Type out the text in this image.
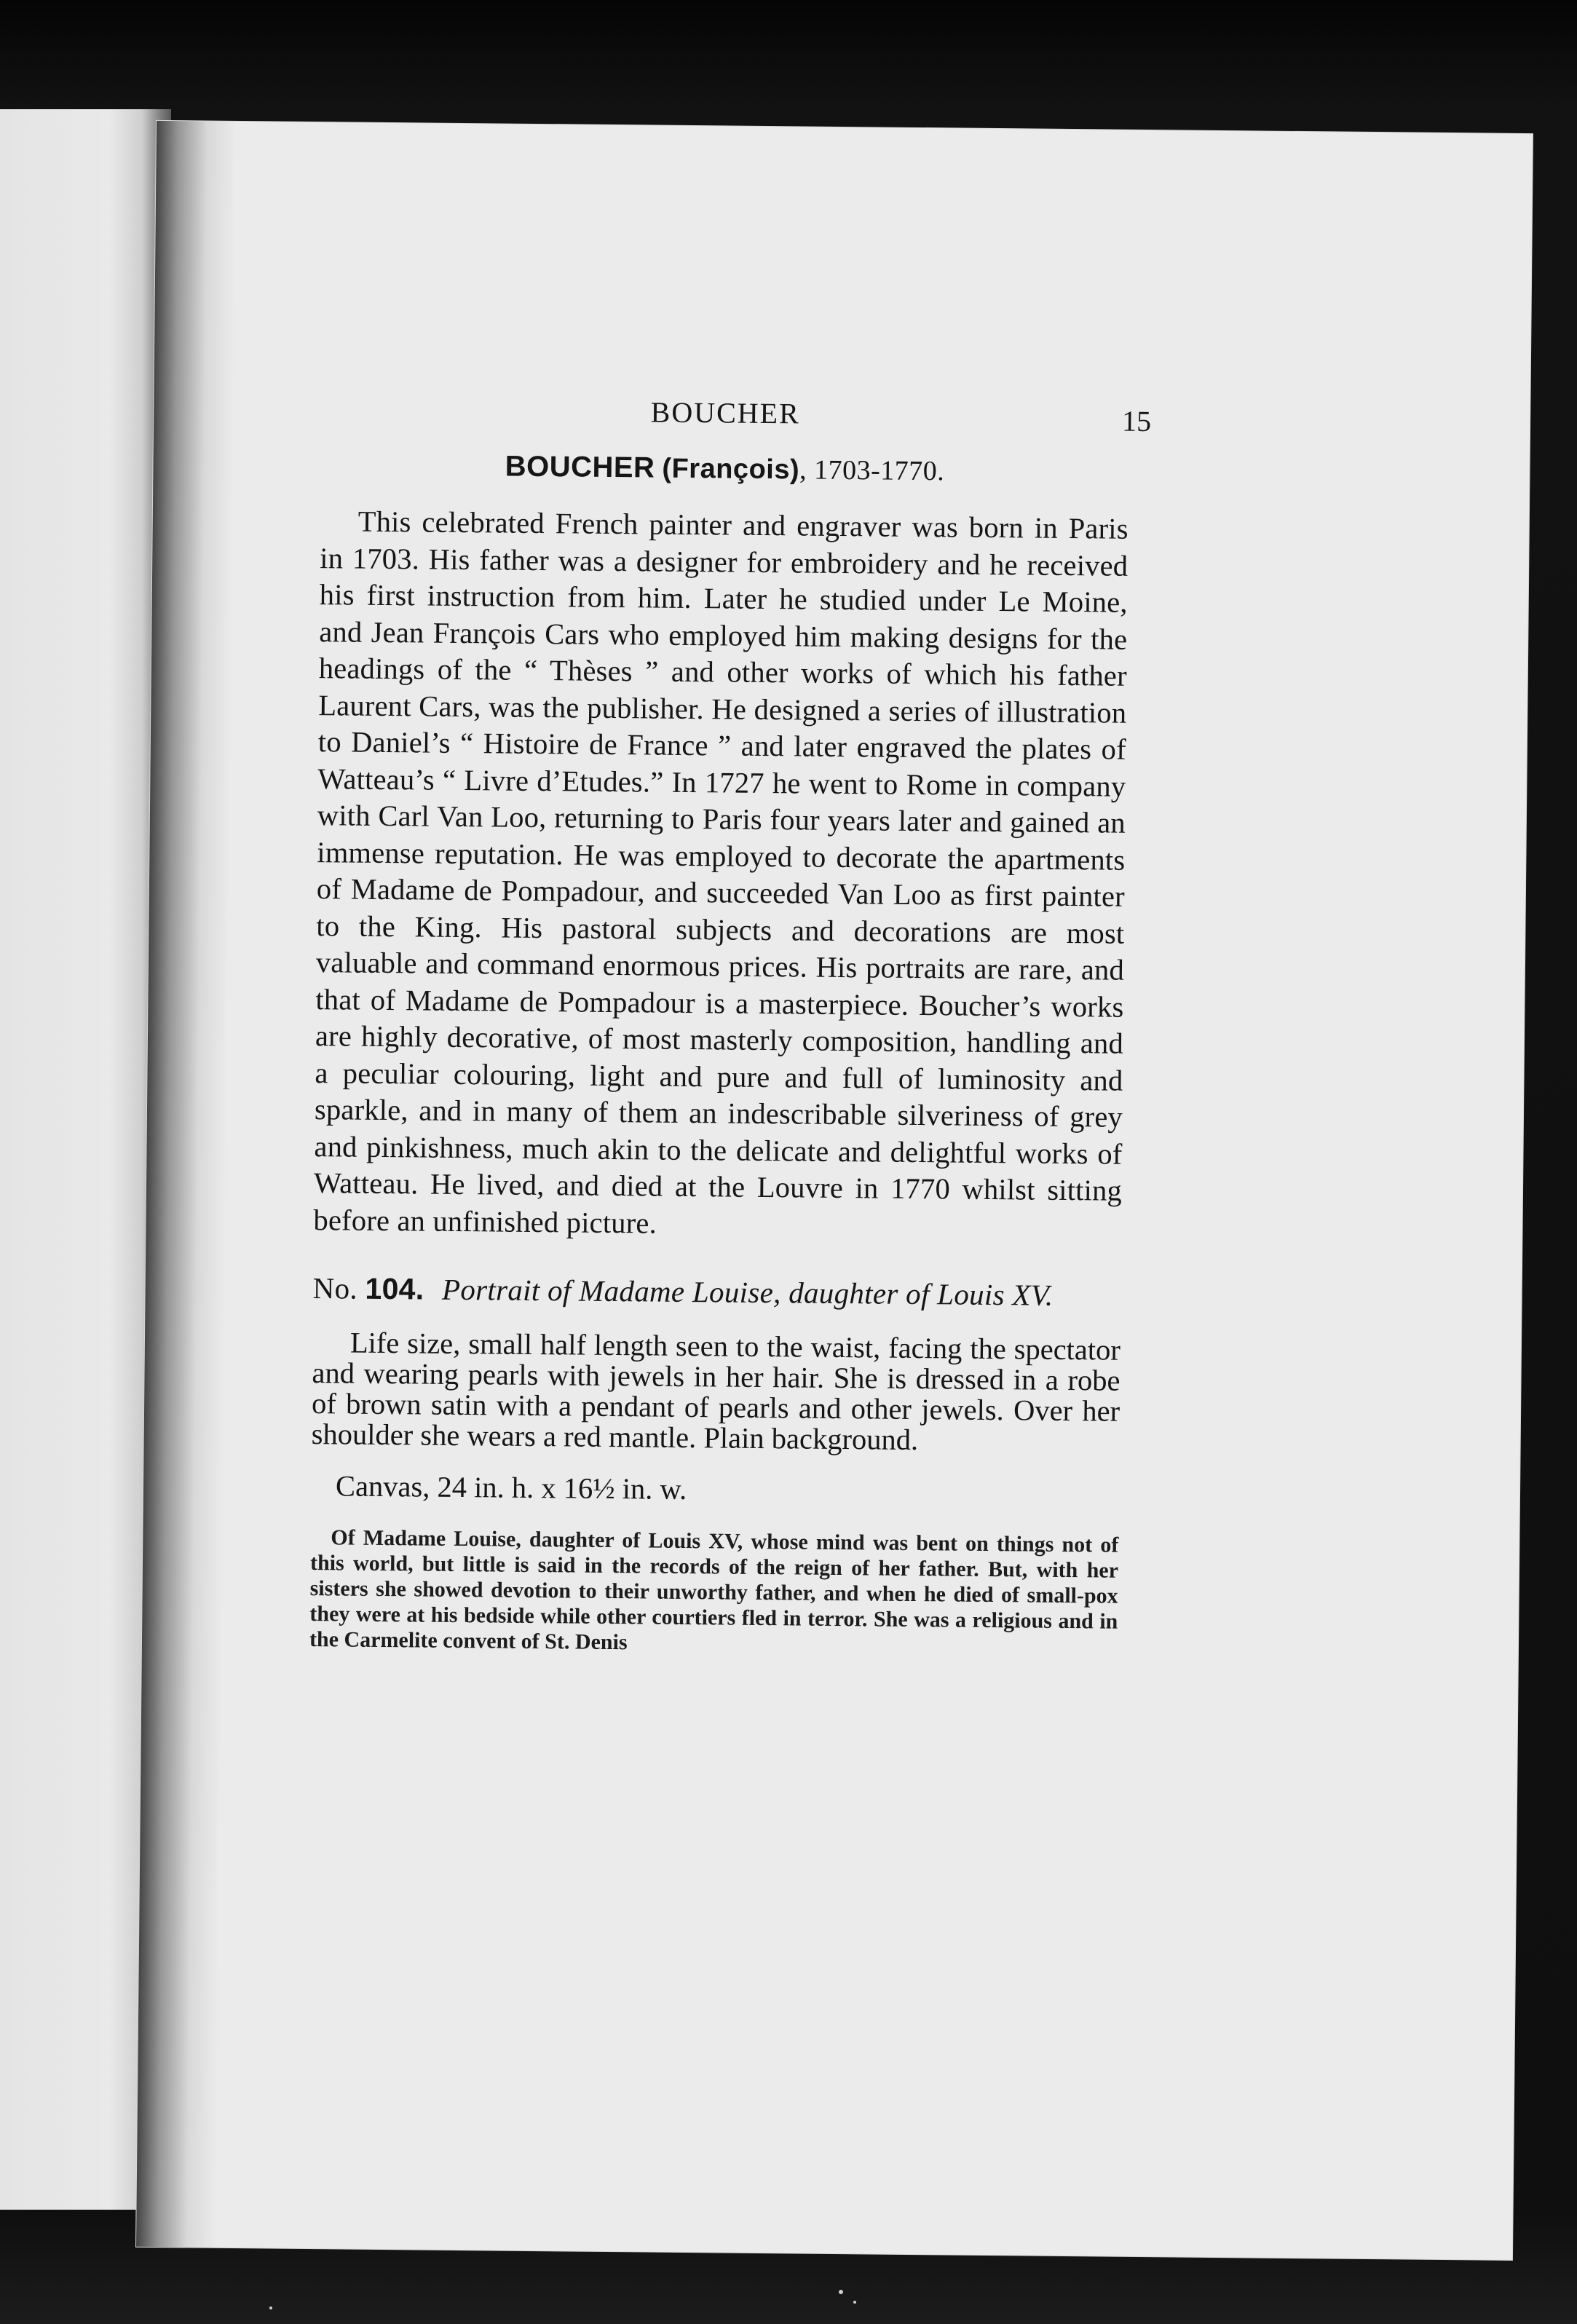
BOUCHER	15
BOUCHER (François), 1703-1770.

This celebrated French painter and engraver was born in Paris in 1703. His father was a designer for embroidery and he received his first instruction from him. Later he studied under Le Moine, and Jean François Cars who employed him making designs for the headings of the “ Thèses ” and other works of which his father Laurent Cars, was the publisher. He designed a series of illustration to Daniel’s “ Histoire de France ” and later engraved the plates of Watteau’s “ Livre d’Etudes.” In 1727 he went to Rome in company with Carl Van Loo, returning to Paris four years later and gained an immense reputation. He was employed to decorate the apartments of Madame de Pompadour, and succeeded Van Loo as first painter to the King. His pastoral subjects and decorations are most valuable and command enormous prices. His portraits are rare, and that of Madame de Pompadour is a masterpiece. Boucher’s works are highly decorative, of most masterly composition, handling and a peculiar colouring, light and pure and full of luminosity and sparkle, and in many of them an indescribable silveriness of grey and pinkishness, much akin to the delicate and delightful works of Watteau. He lived, and died at the Louvre in 1770 whilst sitting before an unfinished picture.

No. 104. Portrait of Madame Louise, daughter of Louis XV.

Life size, small half length seen to the waist, facing the spectator and wearing pearls with jewels in her hair. She is dressed in a robe of brown satin with a pendant of pearls and other jewels. Over her shoulder she wears a red mantle. Plain background.

Canvas, 24 in. h. x 16½ in. w.

Of Madame Louise, daughter of Louis XV, whose mind was bent on things not of this world, but little is said in the records of the reign of her father. But, with her sisters she showed devotion to their unworthy father, and when he died of small-pox they were at his bedside while other courtiers fled in terror. She was a religious and in the Carmelite convent of St. Denis
